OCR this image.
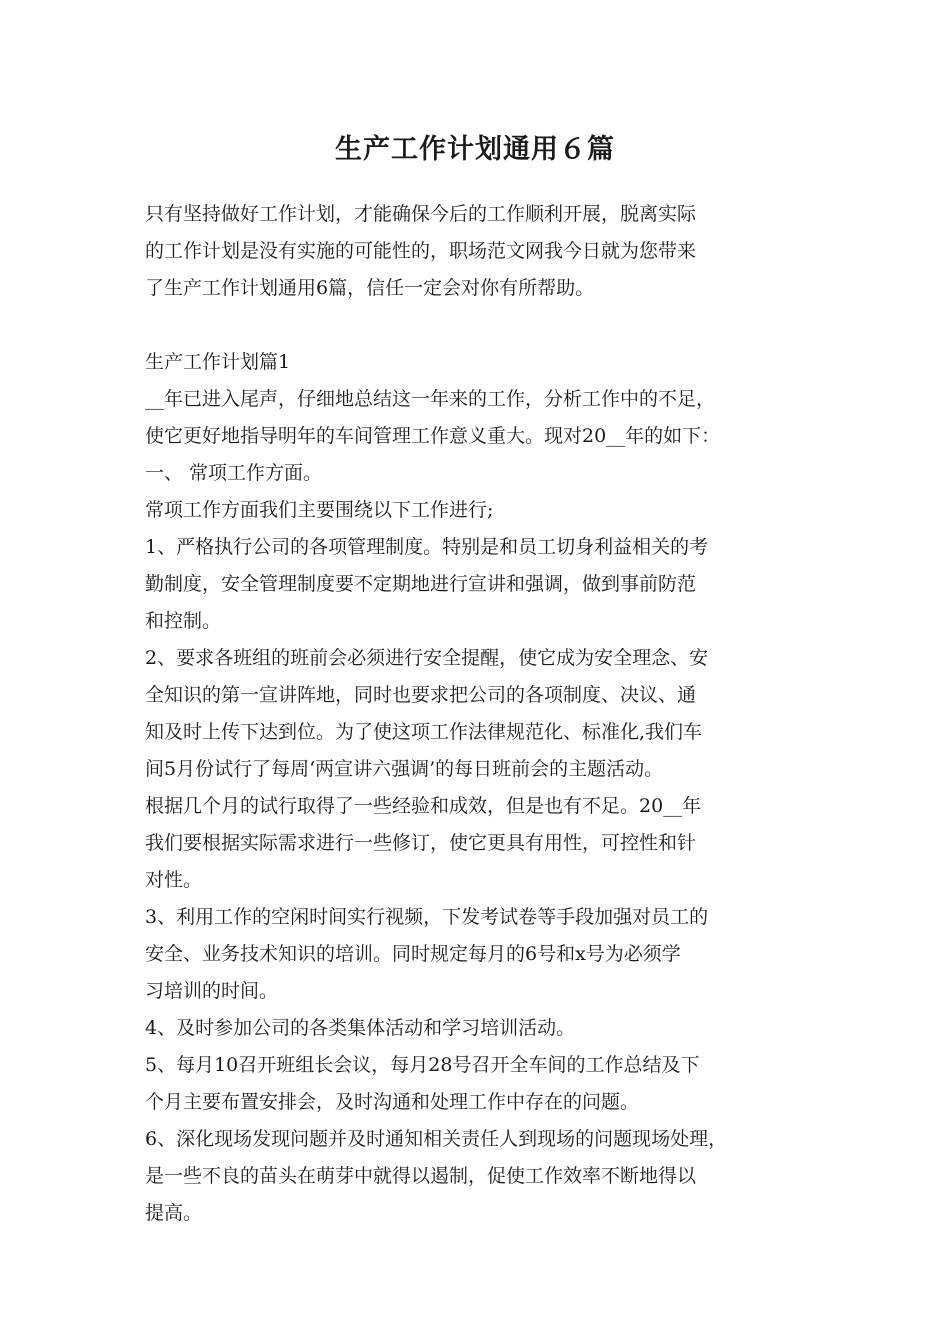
生产工作计划通用６篇
只有坚持做好工作计划，才能确保今后的工作顺利开展，脱离实际
的工作计划是没有实施的可能性的，职场范文网我今日就为您带来
了生产工作计划通用6篇，信任一定会对你有所帮助。
生产工作计划篇1
__年已进入尾声，仔细地总结这一年来的工作，分析工作中的不足，
使它更好地指导明年的车间管理工作意义重大。现对20__年的如下：
一、 常项工作方面。
常项工作方面我们主要围绕以下工作进行;
1、严格执行公司的各项管理制度。特别是和员工切身利益相关的考
勤制度，安全管理制度要不定期地进行宣讲和强调，做到事前防范
和控制。
2、要求各班组的班前会必须进行安全提醒，使它成为安全理念、安
全知识的第一宣讲阵地，同时也要求把公司的各项制度、决议、通
知及时上传下达到位。为了使这项工作法律规范化、标准化,我们车
间5月份试行了每周‘两宣讲六强调’的每日班前会的主题活动。
根据几个月的试行取得了一些经验和成效，但是也有不足。20__年
我们要根据实际需求进行一些修订，使它更具有用性，可控性和针
对性。
3、利用工作的空闲时间实行视频，下发考试卷等手段加强对员工的
安全、业务技术知识的培训。同时规定每月的6号和x号为必须学
习培训的时间。
4、及时参加公司的各类集体活动和学习培训活动。
5、每月10召开班组长会议，每月28号召开全车间的工作总结及下
个月主要布置安排会，及时沟通和处理工作中存在的问题。
6、深化现场发现问题并及时通知相关责任人到现场的问题现场处理，
是一些不良的苗头在萌芽中就得以遏制，促使工作效率不断地得以
提高。
